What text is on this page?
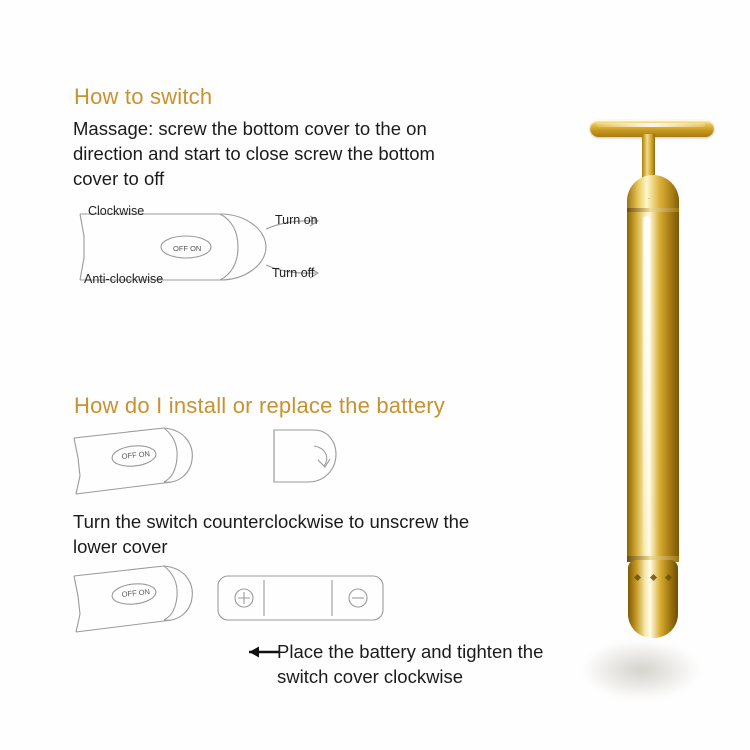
How to switch
Massage: screw the bottom cover to the on direction and start to close screw the bottom cover to off
OFF ON
Clockwise
Anti-clockwise
Turn on
Turn off
How do I install or replace the battery
OFF ON
Turn the switch counterclockwise to unscrew the lower cover
OFF ON
Place the battery and tighten the switch cover clockwise
·
